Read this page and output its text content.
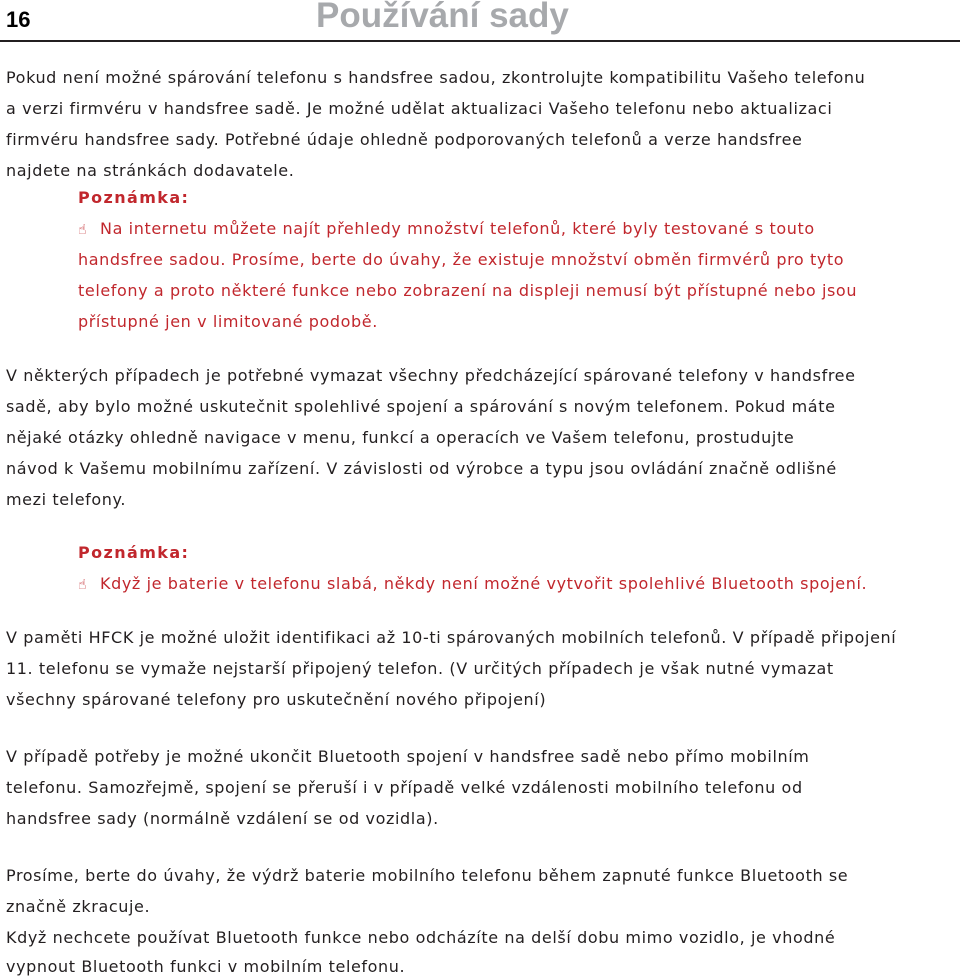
16	Používání sady
Pokud není možné spárování telefonu s handsfree sadou, zkontrolujte kompatibilitu Vašeho telefonu
a verzi firmvéru v handsfree sadě. Je možné udělat aktualizaci Vašeho telefonu nebo aktualizaci
firmvéru handsfree sady. Potřebné údaje ohledně podporovaných telefonů a verze handsfree
najdete na stránkách dodavatele.
Poznámka:
☝ Na internetu můžete najít přehledy množství telefonů, které byly testované s touto
handsfree sadou. Prosíme, berte do úvahy, že existuje množství obměn firmvérů pro tyto
telefony a proto některé funkce nebo zobrazení na displeji nemusí být přístupné nebo jsou
přístupné jen v limitované podobě.
V některých případech je potřebné vymazat všechny předcházející spárované telefony v handsfree
sadě, aby bylo možné uskutečnit spolehlivé spojení a spárování s novým telefonem. Pokud máte
nějaké otázky ohledně navigace v menu, funkcí a operacích ve Vašem telefonu, prostudujte
návod k Vašemu mobilnímu zařízení. V závislosti od výrobce a typu jsou ovládání značně odlišné
mezi telefony.
Poznámka:
☝ Když je baterie v telefonu slabá, někdy není možné vytvořit spolehlivé Bluetooth spojení.
V paměti HFCK je možné uložit identifikaci až 10-ti spárovaných mobilních telefonů. V případě připojení
11. telefonu se vymaže nejstarší připojený telefon. (V určitých případech je však nutné vymazat
všechny spárované telefony pro uskutečnění nového připojení)
V případě potřeby je možné ukončit Bluetooth spojení v handsfree sadě nebo přímo mobilním
telefonu. Samozřejmě, spojení se přeruší i v případě velké vzdálenosti mobilního telefonu od
handsfree sady (normálně vzdálení se od vozidla).
Prosíme, berte do úvahy, že výdrž baterie mobilního telefonu během zapnuté funkce Bluetooth se
značně zkracuje.
Když nechcete používat Bluetooth funkce nebo odcházíte na delší dobu mimo vozidlo, je vhodné
vypnout Bluetooth funkci v mobilním telefonu.
